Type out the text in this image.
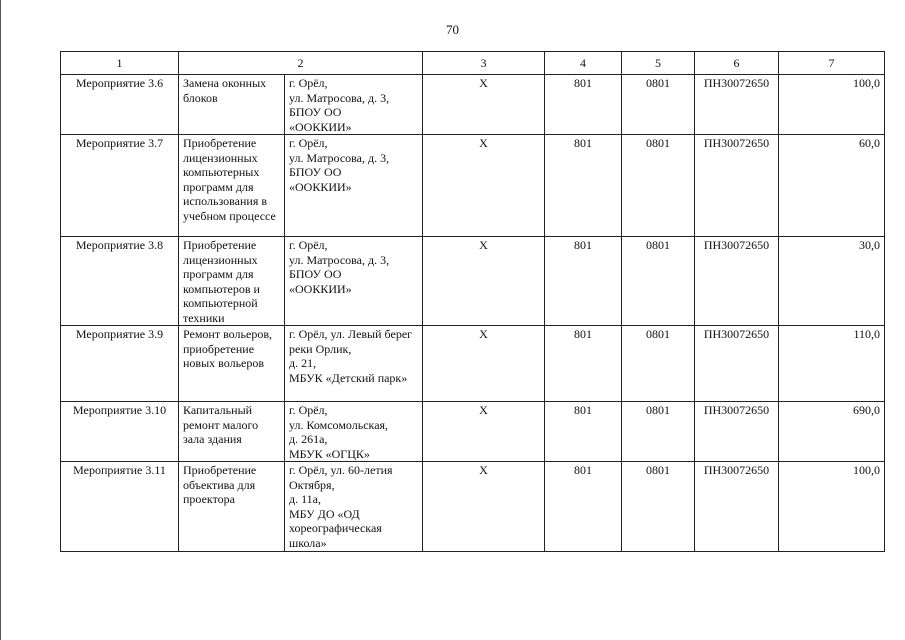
70
1	2		3	4	5	6	7
Мероприятие 3.6	Замена оконных блоков	г. Орёл,
ул. Матросова, д. 3,
БПОУ ОО
«ООККИИ»	Х	801	0801	ПН30072650	100,0
Мероприятие 3.7	Приобретение лицензионных компьютерных программ для использования в учебном процессе	г. Орёл,
ул. Матросова, д. 3,
БПОУ ОО
«ООККИИ»	Х	801	0801	ПН30072650	60,0
Мероприятие 3.8	Приобретение лицензионных программ для компьютеров и компьютерной техники	г. Орёл,
ул. Матросова, д. 3,
БПОУ ОО
«ООККИИ»	Х	801	0801	ПН30072650	30,0
Мероприятие 3.9	Ремонт вольеров, приобретение новых вольеров	г. Орёл, ул. Левый берег реки Орлик,
д. 21,
МБУК «Детский парк»	Х	801	0801	ПН30072650	110,0
Мероприятие 3.10	Капитальный ремонт малого зала здания	г. Орёл,
ул. Комсомольская,
д. 261а,
МБУК «ОГЦК»	Х	801	0801	ПН30072650	690,0
Мероприятие 3.11	Приобретение объектива для проектора	г. Орёл, ул. 60-летия Октября,
д. 11а,
МБУ ДО «ОД хореографическая школа»	Х	801	0801	ПН30072650	100,0
